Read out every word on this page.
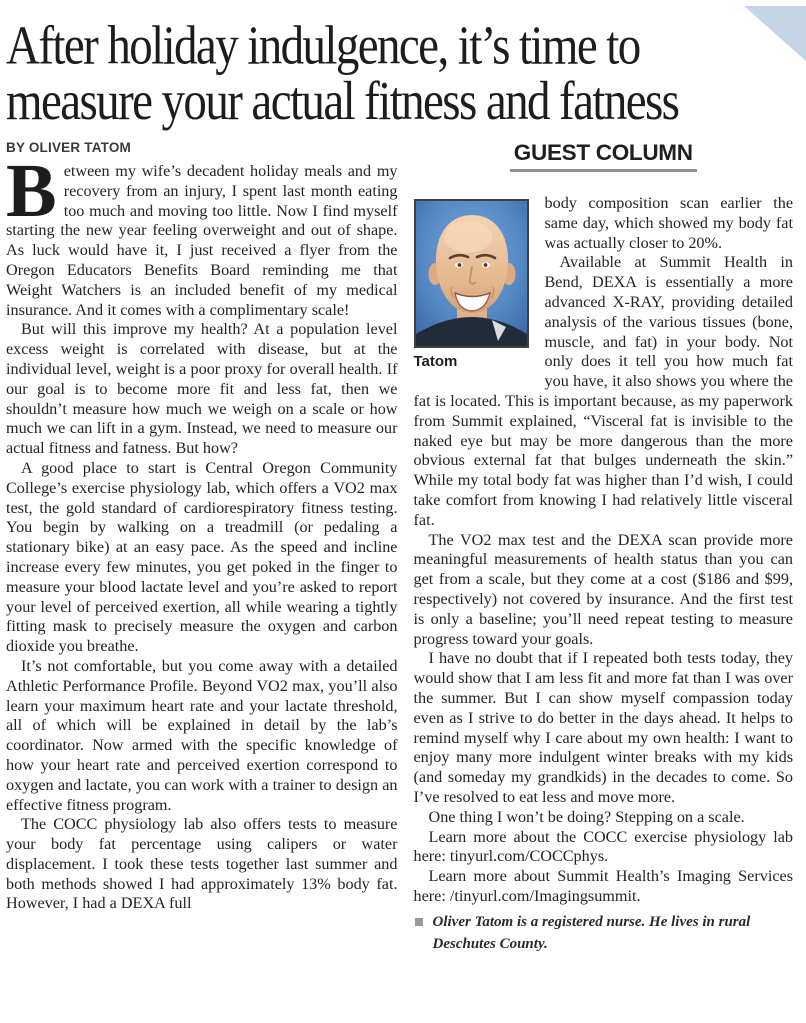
After holiday indulgence, it’s time to
measure your actual fitness and fatness
BY OLIVER TATOM

Between my wife’s decadent holiday meals and my recovery from an injury, I spent last month eating too much and moving too little. Now I find myself starting the new year feeling overweight and out of shape. As luck would have it, I just received a flyer from the Oregon Educators Benefits Board reminding me that Weight Watchers is an included benefit of my medical insurance. And it comes with a complimentary scale!

But will this improve my health? At a population level excess weight is correlated with disease, but at the individual level, weight is a poor proxy for overall health. If our goal is to become more fit and less fat, then we shouldn’t measure how much we weigh on a scale or how much we can lift in a gym. Instead, we need to measure our actual fitness and fatness. But how?

A good place to start is Central Oregon Community College’s exercise physiology lab, which offers a VO2 max test, the gold standard of cardiorespiratory fitness testing. You begin by walking on a treadmill (or pedaling a stationary bike) at an easy pace. As the speed and incline increase every few minutes, you get poked in the finger to measure your blood lactate level and you’re asked to report your level of perceived exertion, all while wearing a tightly fitting mask to precisely measure the oxygen and carbon dioxide you breathe.

It’s not comfortable, but you come away with a detailed Athletic Performance Profile. Beyond VO2 max, you’ll also learn your maximum heart rate and your lactate threshold, all of which will be explained in detail by the lab’s coordinator. Now armed with the specific knowledge of how your heart rate and perceived exertion correspond to oxygen and lactate, you can work with a trainer to design an effective fitness program.

The COCC physiology lab also offers tests to measure your body fat percentage using calipers or water displacement. I took these tests together last summer and both methods showed I had approximately 13% body fat. However, I had a DEXA full

GUEST COLUMN
Tatom

body composition scan earlier the same day, which showed my body fat was actually closer to 20%.

Available at Summit Health in Bend, DEXA is essentially a more advanced X-RAY, providing detailed analysis of the various tissues (bone, muscle, and fat) in your body. Not only does it tell you how much fat you have, it also shows you where the fat is located. This is important because, as my paperwork from Summit explained, “Visceral fat is invisible to the naked eye but may be more dangerous than the more obvious external fat that bulges underneath the skin.” While my total body fat was higher than I’d wish, I could take comfort from knowing I had relatively little visceral fat.

The VO2 max test and the DEXA scan provide more meaningful measurements of health status than you can get from a scale, but they come at a cost ($186 and $99, respectively) not covered by insurance. And the first test is only a baseline; you’ll need repeat testing to measure progress toward your goals.

I have no doubt that if I repeated both tests today, they would show that I am less fit and more fat than I was over the summer. But I can show myself compassion today even as I strive to do better in the days ahead. It helps to remind myself why I care about my own health: I want to enjoy many more indulgent winter breaks with my kids (and someday my grandkids) in the decades to come. So I’ve resolved to eat less and move more.

One thing I won’t be doing? Stepping on a scale.

Learn more about the COCC exercise physiology lab here: tinyurl.com/COCCphys.

Learn more about Summit Health’s Imaging Services here: /tinyurl.com/Imagingsummit.

Oliver Tatom is a registered nurse. He lives in rural Deschutes County.
